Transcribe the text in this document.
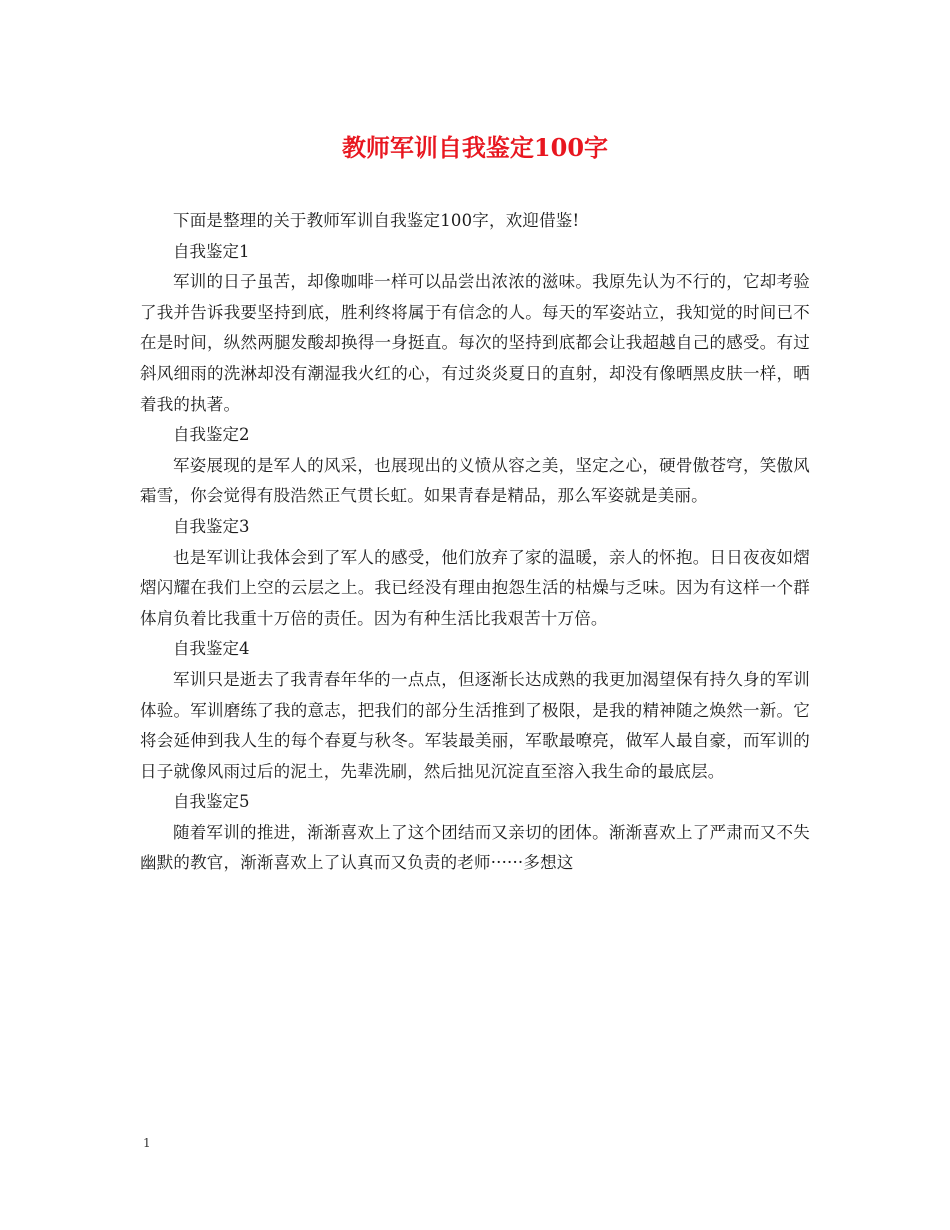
教师军训自我鉴定100字

下面是整理的关于教师军训自我鉴定100字，欢迎借鉴!

自我鉴定1

军训的日子虽苦，却像咖啡一样可以品尝出浓浓的滋味。我原先认为不行的，它却考验了我并告诉我要坚持到底，胜利终将属于有信念的人。每天的军姿站立，我知觉的时间已不在是时间，纵然两腿发酸却换得一身挺直。每次的坚持到底都会让我超越自己的感受。有过斜风细雨的洗淋却没有潮湿我火红的心，有过炎炎夏日的直射，却没有像晒黑皮肤一样，晒着我的执著。

自我鉴定2

军姿展现的是军人的风采，也展现出的义愤从容之美，坚定之心，硬骨傲苍穹，笑傲风霜雪，你会觉得有股浩然正气贯长虹。如果青春是精品，那么军姿就是美丽。

自我鉴定3

也是军训让我体会到了军人的感受，他们放弃了家的温暖，亲人的怀抱。日日夜夜如熠熠闪耀在我们上空的云层之上。我已经没有理由抱怨生活的枯燥与乏味。因为有这样一个群体肩负着比我重十万倍的责任。因为有种生活比我艰苦十万倍。

自我鉴定4

军训只是逝去了我青春年华的一点点，但逐渐长达成熟的我更加渴望保有持久身的军训体验。军训磨练了我的意志，把我们的部分生活推到了极限，是我的精神随之焕然一新。它将会延伸到我人生的每个春夏与秋冬。军装最美丽，军歌最嘹亮，做军人最自豪，而军训的日子就像风雨过后的泥土，先辈洗刷，然后拙见沉淀直至溶入我生命的最底层。

自我鉴定5

随着军训的推进，渐渐喜欢上了这个团结而又亲切的团体。渐渐喜欢上了严肃而又不失幽默的教官，渐渐喜欢上了认真而又负责的老师······多想这

1
